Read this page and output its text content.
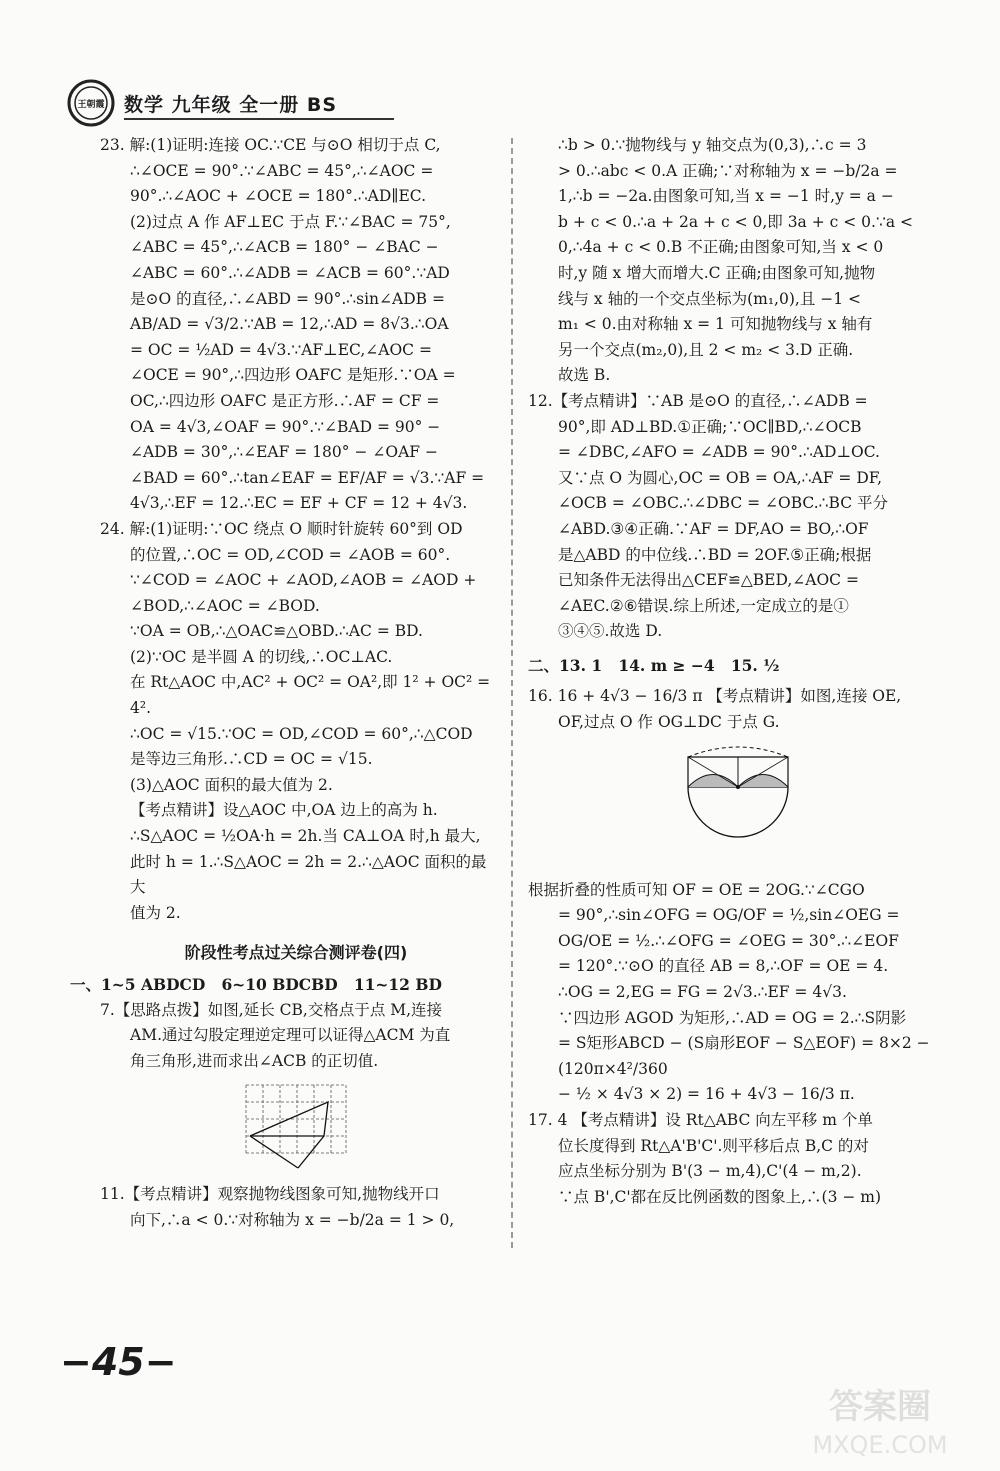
王朝霞 数学 九年级 全一册 BS

23. 解:(1)证明:连接 OC.∵CE 与⊙O 相切于点 C,

∴∠OCE = 90°.∵∠ABC = 45°,∴∠AOC =

90°.∴∠AOC + ∠OCE = 180°.∴AD∥EC.

(2)过点 A 作 AF⊥EC 于点 F.∵∠BAC = 75°,

∠ABC = 45°,∴∠ACB = 180° − ∠BAC −

∠ABC = 60°.∴∠ADB = ∠ACB = 60°.∵AD

是⊙O 的直径,∴∠ABD = 90°.∴sin∠ADB =

AB/AD = √3/2.∵AB = 12,∴AD = 8√3.∴OA

= OC = ½AD = 4√3.∵AF⊥EC,∠AOC =

∠OCE = 90°,∴四边形 OAFC 是矩形.∵OA =

OC,∴四边形 OAFC 是正方形.∴AF = CF =

OA = 4√3,∠OAF = 90°.∵∠BAD = 90° −

∠ADB = 30°,∴∠EAF = 180° − ∠OAF −

∠BAD = 60°.∴tan∠EAF = EF/AF = √3.∵AF =

4√3,∴EF = 12.∴EC = EF + CF = 12 + 4√3.

24. 解:(1)证明:∵OC 绕点 O 顺时针旋转 60°到 OD

的位置,∴OC = OD,∠COD = ∠AOB = 60°.

∵∠COD = ∠AOC + ∠AOD,∠AOB = ∠AOD +

∠BOD,∴∠AOC = ∠BOD.

∵OA = OB,∴△OAC≌△OBD.∴AC = BD.

(2)∵OC 是半圆 A 的切线,∴OC⊥AC.

在 Rt△AOC 中,AC² + OC² = OA²,即 1² + OC² = 4².

∴OC = √15.∵OC = OD,∠COD = 60°,∴△COD

是等边三角形.∴CD = OC = √15.

(3)△AOC 面积的最大值为 2.

【考点精讲】设△AOC 中,OA 边上的高为 h.

∴S△AOC = ½OA·h = 2h.当 CA⊥OA 时,h 最大,

此时 h = 1.∴S△AOC = 2h = 2.∴△AOC 面积的最大

值为 2.

阶段性考点过关综合测评卷(四)

一、1~5 ABDCD   6~10 BDCBD   11~12 BD

7.【思路点拨】如图,延长 CB,交格点于点 M,连接

AM.通过勾股定理逆定理可以证得△ACM 为直

角三角形,进而求出∠ACB 的正切值.

11.【考点精讲】观察抛物线图象可知,抛物线开口

向下,∴a < 0.∵对称轴为 x = −b/2a = 1 > 0,

∴b > 0.∵抛物线与 y 轴交点为(0,3),∴c = 3

> 0.∴abc < 0.A 正确;∵对称轴为 x = −b/2a =

1,∴b = −2a.由图象可知,当 x = −1 时,y = a −

b + c < 0.∴a + 2a + c < 0,即 3a + c < 0.∵a <

0,∴4a + c < 0.B 不正确;由图象可知,当 x < 0

时,y 随 x 增大而增大.C 正确;由图象可知,抛物

线与 x 轴的一个交点坐标为(m₁,0),且 −1 <

m₁ < 0.由对称轴 x = 1 可知抛物线与 x 轴有

另一个交点(m₂,0),且 2 < m₂ < 3.D 正确.

故选 B.

12.【考点精讲】∵AB 是⊙O 的直径,∴∠ADB =

90°,即 AD⊥BD.①正确;∵OC∥BD,∴∠OCB

= ∠DBC,∠AFO = ∠ADB = 90°.∴AD⊥OC.

又∵点 O 为圆心,OC = OB = OA,∴AF = DF,

∠OCB = ∠OBC.∴∠DBC = ∠OBC.∴BC 平分

∠ABD.③④正确.∵AF = DF,AO = BO,∴OF

是△ABD 的中位线.∴BD = 2OF.⑤正确;根据

已知条件无法得出△CEF≌△BED,∠AOC =

∠AEC.②⑥错误.综上所述,一定成立的是①

③④⑤.故选 D.

二、13. 1   14. m ≥ −4   15. ½

16. 16 + 4√3 − 16/3 π 【考点精讲】如图,连接 OE,

OF,过点 O 作 OG⊥DC 于点 G.

根据折叠的性质可知 OF = OE = 2OG.∵∠CGO

= 90°,∴sin∠OFG = OG/OF = ½,sin∠OEG =

OG/OE = ½.∴∠OFG = ∠OEG = 30°.∴∠EOF

= 120°.∵⊙O 的直径 AB = 8,∴OF = OE = 4.

∴OG = 2,EG = FG = 2√3.∴EF = 4√3.

∵四边形 AGOD 为矩形,∴AD = OG = 2.∴S阴影

= S矩形ABCD − (S扇形EOF − S△EOF) = 8×2 − (120π×4²/360

− ½ × 4√3 × 2) = 16 + 4√3 − 16/3 π.

17. 4 【考点精讲】设 Rt△ABC 向左平移 m 个单

位长度得到 Rt△A'B'C'.则平移后点 B,C 的对

应点坐标分别为 B'(3 − m,4),C'(4 − m,2).

∵点 B',C'都在反比例函数的图象上,∴(3 − m)

−45−
答案圈
MXQE.COM
